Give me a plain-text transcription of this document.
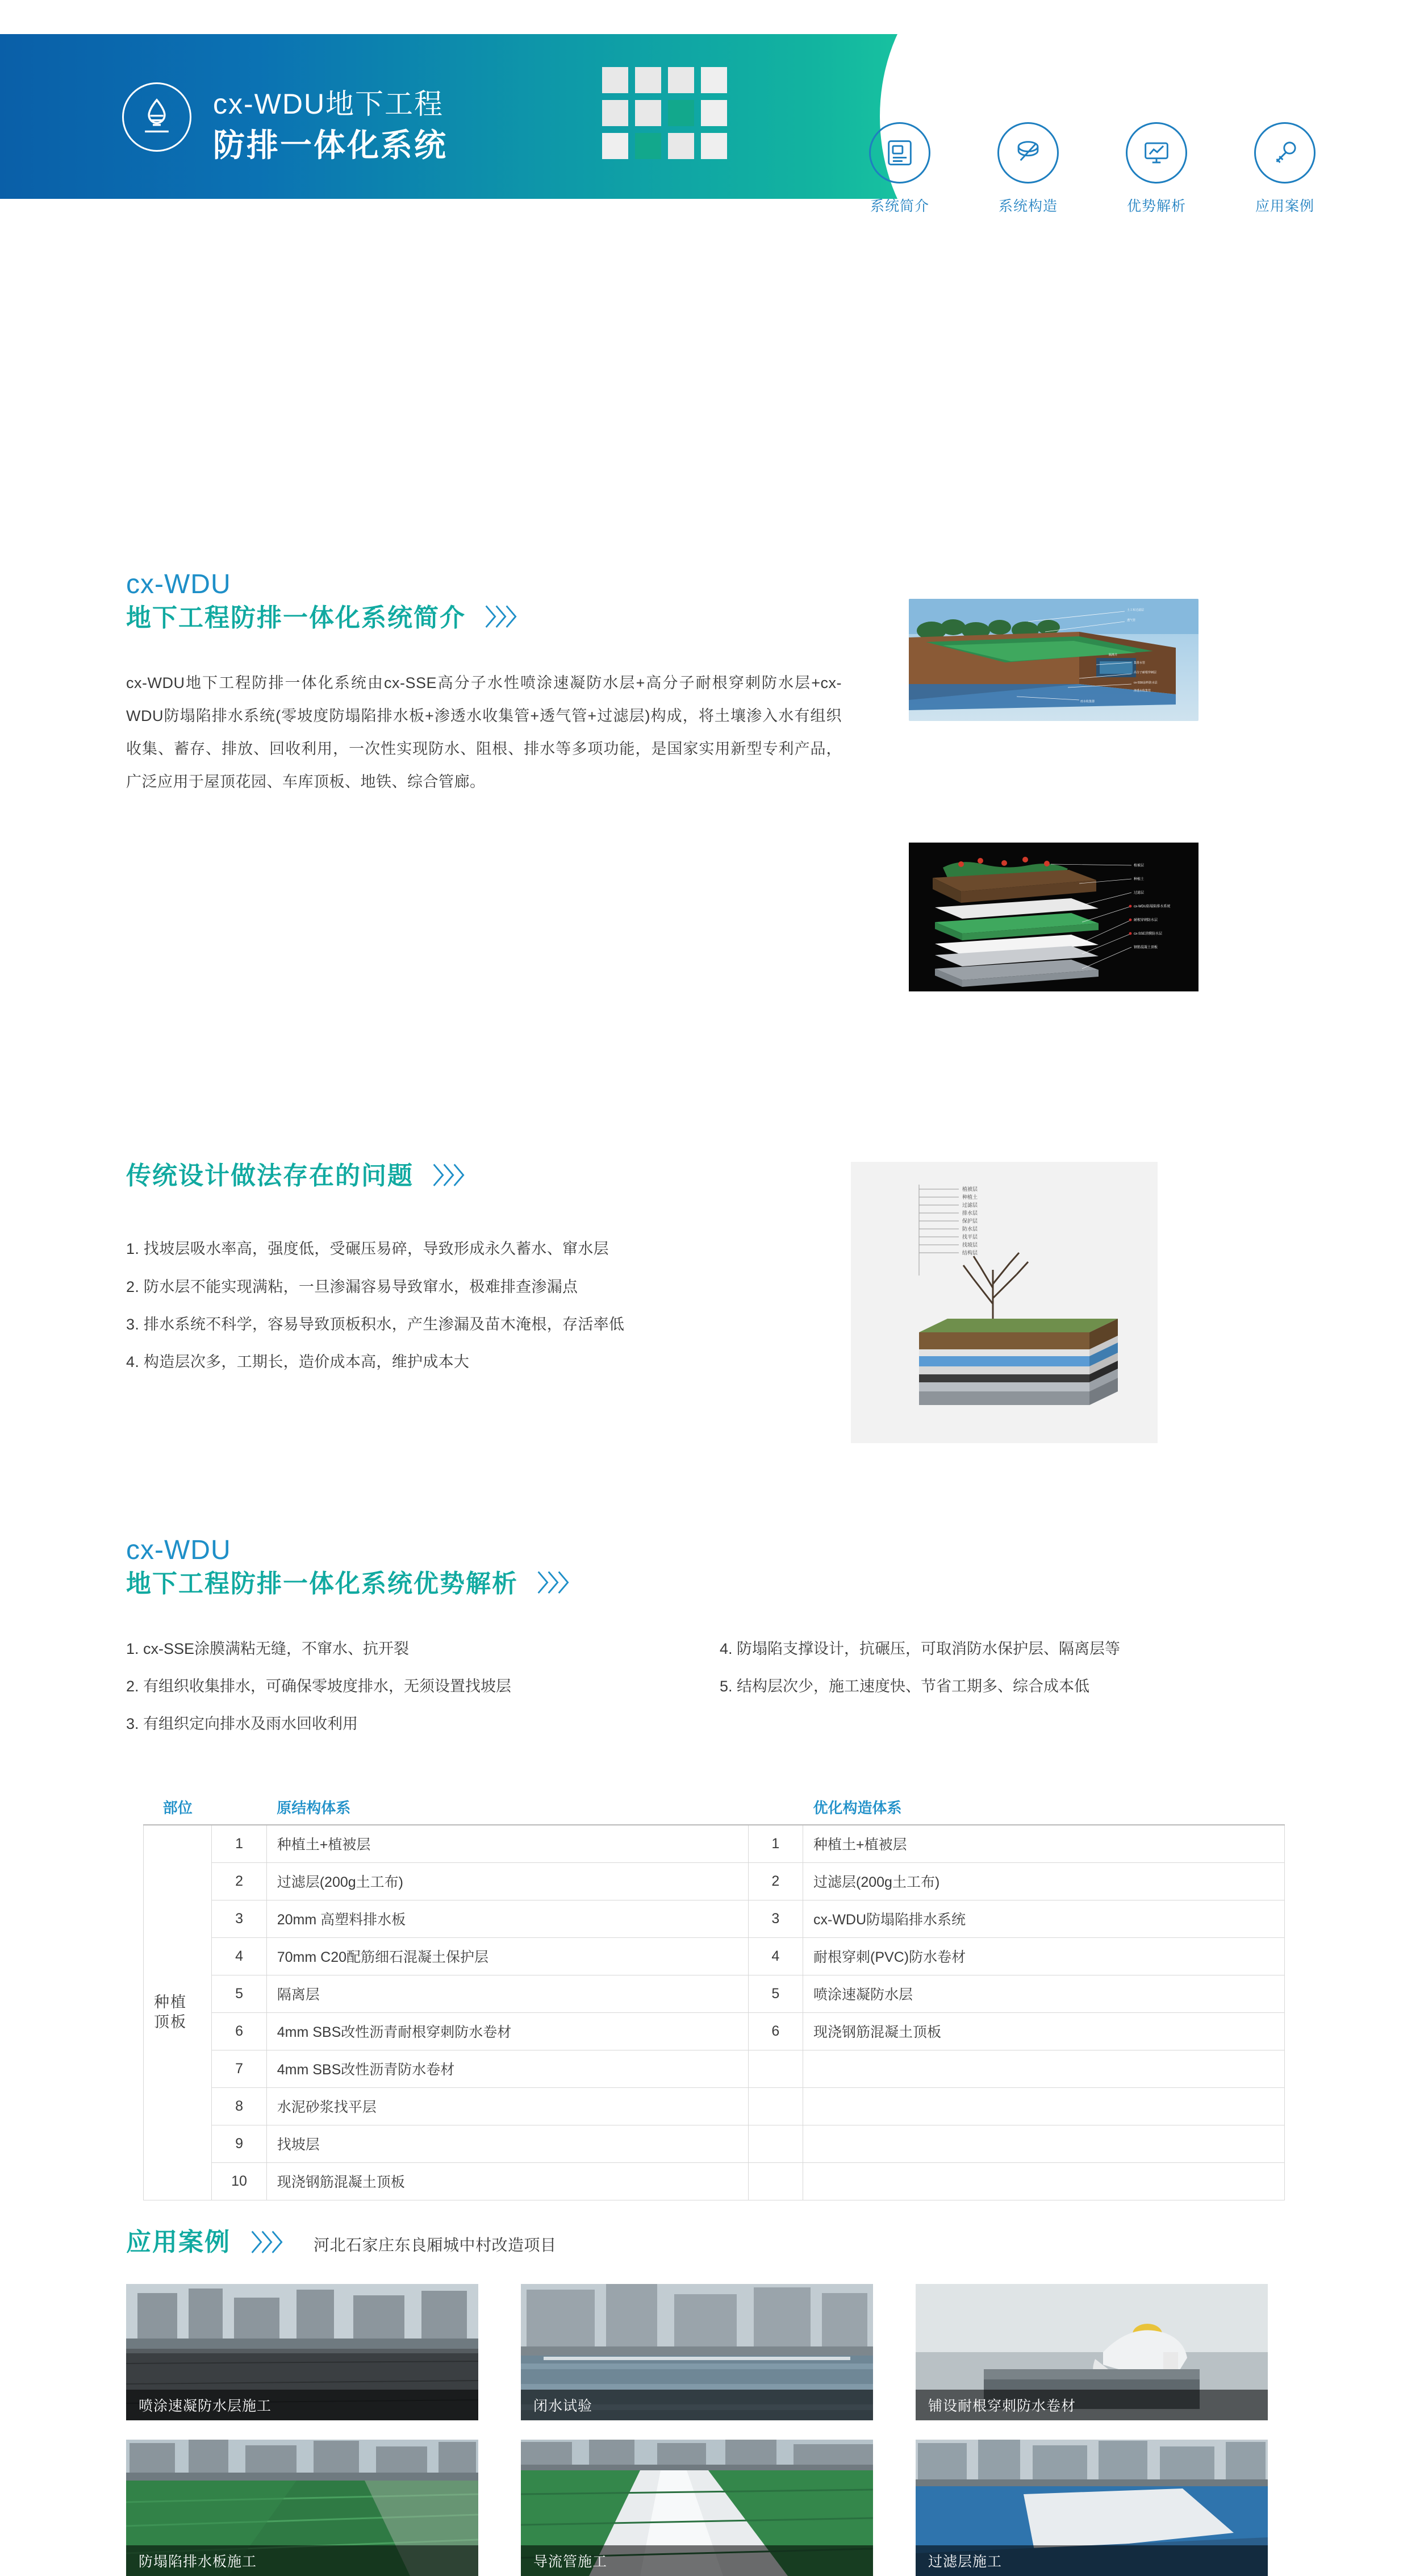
cx-WDU地下工程
防排一体化系统
系统简介	系统构造	优势解析	应用案例
cx-WDU
地下工程防排一体化系统简介 〉〉〉
cx-WDU地下工程防排一体化系统由cx-SSE高分子水性喷涂速凝防水层+高分子耐根穿刺防水层+cx-WDU防塌陷排水系统(零坡度防塌陷排水板+渗透水收集管+透气管+过滤层)构成，将土壤渗入水有组织收集、蓄存、排放、回收利用，一次性实现防水、阻根、排水等多项功能，是国家实用新型专利产品，广泛应用于屋顶花园、车库顶板、地铁、综合管廊。
土工布过滤层
透气管
集排水管
高分子耐根穿刺层
cx-SSE涂料防水层
渗透水收集管
雨水收集器
隔离井
植被层
种植土
过滤层
cx-WDU防塌陷排水系统
耐根穿刺防水层
cx-SSE涂膜防水层
钢筋混凝土顶板
传统设计做法存在的问题 〉〉〉
1. 找坡层吸水率高，强度低，受碾压易碎，导致形成永久蓄水、窜水层
2. 防水层不能实现满粘，一旦渗漏容易导致窜水，极难排查渗漏点
3. 排水系统不科学，容易导致顶板积水，产生渗漏及苗木淹根，存活率低
4. 构造层次多，工期长，造价成本高，维护成本大
植被层
种植土
过滤层
排水层
保护层
防水层
找平层
找坡层
结构层
cx-WDU
地下工程防排一体化系统优势解析 〉〉〉
1. cx-SSE涂膜满粘无缝，不窜水、抗开裂
2. 有组织收集排水，可确保零坡度排水，无须设置找坡层
3. 有组织定向排水及雨水回收利用
4. 防塌陷支撑设计，抗碾压，可取消防水保护层、隔离层等
5. 结构层次少，施工速度快、节省工期多、综合成本低
部位		原结构体系		优化构造体系
种植顶板	1	种植土+植被层	1	种植土+植被层
	2	过滤层(200g土工布)	2	过滤层(200g土工布)
	3	20mm 高塑料排水板	3	cx-WDU防塌陷排水系统
	4	70mm C20配筋细石混凝土保护层	4	耐根穿刺(PVC)防水卷材
	5	隔离层	5	喷涂速凝防水层
	6	4mm SBS改性沥青耐根穿刺防水卷材	6	现浇钢筋混凝土顶板
	7	4mm SBS改性沥青防水卷材		
	8	水泥砂浆找平层		
	9	找坡层		
	10	现浇钢筋混凝土顶板		
应用案例 〉〉〉 河北石家庄东良厢城中村改造项目
喷涂速凝防水层施工	闭水试验	铺设耐根穿刺防水卷材
防塌陷排水板施工	导流管施工	过滤层施工
